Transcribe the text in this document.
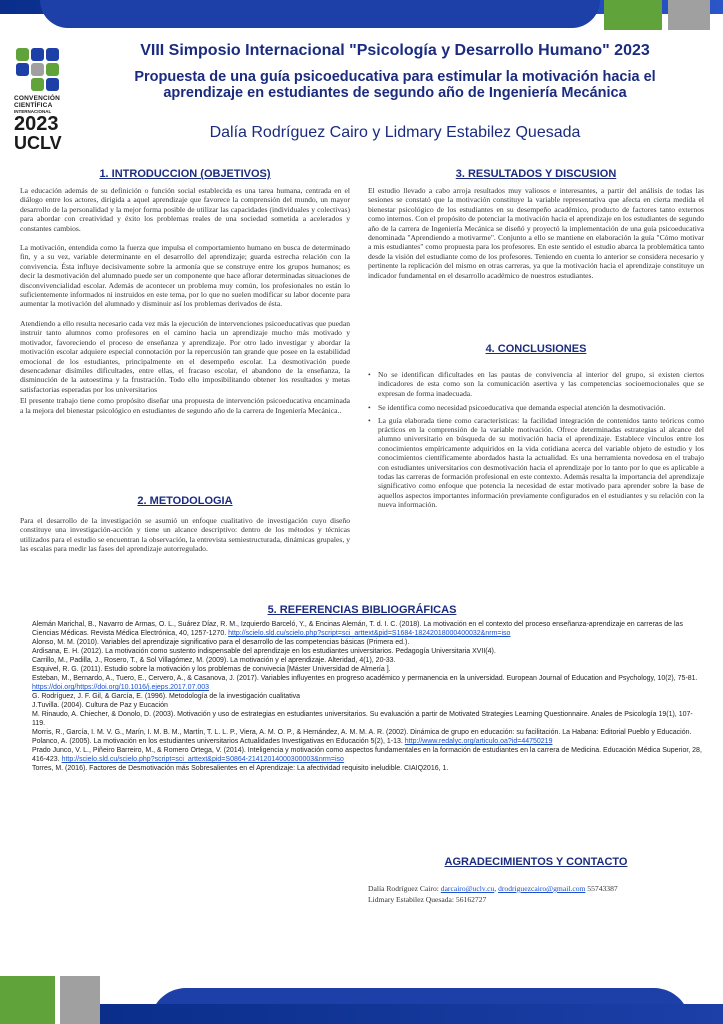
CONVENCIÓN
CIENTÍFICA
INTERNACIONAL
2023
UCLV
VIII Simposio Internacional "Psicología y Desarrollo Humano" 2023
Propuesta de una guía psicoeducativa para estimular la motivación hacia el
aprendizaje en estudiantes de segundo año de Ingeniería Mecánica
Dalía Rodríguez Cairo y Lidmary Estabilez Quesada
1. INTRODUCCION (OBJETIVOS)

La educación además de su definición o función social establecida es una tarea humana, centrada en el diálogo entre los actores, dirigida a aquel aprendizaje que favorece la comprensión del mundo, un mayor desarrollo de la personalidad y la mejor forma posible de utilizar las capacidades (individuales y colectivas) para abordar con creatividad y éxito los problemas reales de una sociedad sometida a acelerados y constantes cambios.

La motivación, entendida como la fuerza que impulsa el comportamiento humano en busca de determinado fin, y a su vez, variable determinante en el desarrollo del aprendizaje; guarda estrecha relación con la convivencia. Ésta influye decisivamente sobre la armonía que se construye entre los grupos humanos; es decir la desmotivación del alumnado puede ser un componente que hace aflorar determinadas situaciones de disconvivencialidad escolar. Además de acontecer un problema muy común, los profesionales no están lo suficientemente informados ni instruidos en este tema, por lo que no suelen modificar su labor docente para aumentar la motivación del alumnado y disminuir así los problemas derivados de ésta.

Atendiendo a ello resulta necesario cada vez más la ejecución de intervenciones psicoeducativas que puedan instruir tanto alumnos como profesores en el camino hacia un aprendizaje mucho más motivado y motivador, favoreciendo el proceso de enseñanza y aprendizaje. Por otro lado investigar y abordar la motivación escolar adquiere especial connotación por la repercusión tan grande que posee en la estabilidad emocional de los estudiantes, principalmente en el desempeño escolar. La desmotivación puede desencadenar disímiles dificultades, entre ellas, el fracaso escolar, el abandono de la enseñanza, la disminución de la autoestima y la frustración. Todo ello imposibilitando obtener los resultados y metas satisfactorias esperadas por los universitarios

El presente trabajo tiene como propósito diseñar una propuesta de intervención psicoeducativa encaminada a la mejora del bienestar psicológico en estudiantes de segundo año de la carrera de Ingeniería Mecánica..

2. METODOLOGIA

Para el desarrollo de la investigación se asumió un enfoque cualitativo de investigación cuyo diseño constituye una investigación-acción y tiene un alcance descriptivo: dentro de los métodos y técnicas utilizados para el estudio se encuentran la observación, la entrevista semiestructurada, dinámicas grupales, y las escalas para medir las fases del aprendizaje autorregulado.

3. RESULTADOS Y DISCUSION

El estudio llevado a cabo arroja resultados muy valiosos e interesantes, a partir del análisis de todas las sesiones se constató que la motivación constituye la variable representativa que afecta en cierta medida el bienestar psicológico de los estudiantes en su desempeño académico, producto de factores tanto externos como internos. Con el propósito de potenciar la motivación hacia el aprendizaje en los estudiantes de segundo año de la carrera de Ingeniería Mecánica se diseñó y proyectó la implementación de una guía psicoeducativa denominada "Aprendiendo a motivarme". Conjunto a ello se mantiene en elaboración la guía "Cómo motivar a mis estudiantes" como propuesta para los profesores. En este sentido el estudio abarca la problemática tanto desde la visión del estudiante como de los profesores. Teniendo en cuenta lo anterior se considera necesario y pertinente la replicación del mismo en otras carreras, ya que la motivación hacia el aprendizaje constituye un indicador fundamental en el desarrollo académico de nuestros estudiantes.

4. CONCLUSIONES
• No se identifican dificultades en las pautas de convivencia al interior del grupo, si existen ciertos indicadores de esta como son la comunicación asertiva y las competencias socioemocionales que se expresan de forma inadecuada.
• Se identifica como necesidad psicoeducativa que demanda especial atención la desmotivación.
• La guía elaborada tiene como características: la facilidad integración de contenidos tanto teóricos como prácticos en la comprensión de la variable motivación. Ofrece determinadas estrategias al alcance del alumno universitario en búsqueda de su motivación hacia el aprendizaje. Establece vínculos entre los conocimientos empíricamente adquiridos en la vida cotidiana acerca del variable objeto de estudio y los conocimientos científicamente abordados hasta la actualidad. Es una herramienta novedosa en el trabajo con estudiantes universitarios con desmotivación hacia el aprendizaje por lo tanto por lo que es aplicable a todas las carreras de formación profesional en este contexto. Además resalta la importancia del aprendizaje significativo como enfoque que potencia la necesidad de estar motivado para aprender sobre la base de aquellos aspectos importantes información previamente configurados en el estudiantes y su relación con la nueva información.
5. REFERENCIAS BIBLIOGRÁFICAS

Alemán Marichal, B., Navarro de Armas, O. L., Suárez Díaz, R. M., Izquierdo Barceló, Y., & Encinas Alemán, T. d. I. C. (2018). La motivación en el contexto del proceso enseñanza-aprendizaje en carreras de las Ciencias Médicas. Revista Médica Electrónica, 40, 1257-1270. http://scielo.sld.cu/scielo.php?script=sci_arttext&pid=S1684-18242018000400032&nrm=iso

Alonso, M. M. (2010). Variables del aprendizaje significativo para el desarrollo de las competencias básicas (Primera ed.).

Ardisana, E. H. (2012). La motivación como sustento indispensable del aprendizaje en los estudiantes universitarios. Pedagogía Universitaria XVII(4).

Carrillo, M., Padilla, J., Rosero, T., & Sol Villagómez, M. (2009). La motivación y el aprendizaje. Alteridad, 4(1), 20-33.

Esquivel, R. G. (2011). Estudio sobre la motivación y los problemas de convivecia [Máster Universidad de Almería ].

Esteban, M., Bernardo, A., Tuero, E., Cervero, A., & Casanova, J. (2017). Variables influyentes en progreso académico y permanencia en la universidad. European Journal of Education and Psychology, 10(2), 75-81. https://doi.org/https://doi.org/10.1016/j.ejeps.2017.07.003

G. Rodríguez, J. F. Gil, & García, E. (1996). Metodología de la investigación cualitativa

J.Tuvilla. (2004). Cultura de Paz y Eucación

M. Rinaudo, A. Chiecher, & Donolo, D. (2003). Motivación y uso de estrategias en estudiantes universitarios. Su evaluación a partir de Motivated Strategies Learning Questionnaire. Anales de Psicología 19(1), 107-119.

Morris, R., García, I. M. V. G., Marín, I. M. B. M., Martín, T. L. L. P., Viera, A. M. O. P., & Hernández, A. M. M. A. R. (2002). Dinámica de grupo en educación: su facilitación. La Habana: Editorial Pueblo y Educación.

Polanco, A. (2005). La motivación en los estudiantes universitarios Actualidades Investigativas en Educación 5(2), 1-13. http://www.redalyc.org/articulo.oa?id=44750219

Prado Junco, V. L., Piñeiro Barreiro, M., & Romero Ortega, V. (2014). Inteligencia y motivación como aspectos fundamentales en la formación de estudiantes en la carrera de Medicina. Educación Médica Superior, 28, 416-423. http://scielo.sld.cu/scielo.php?script=sci_arttext&pid=S0864-21412014000300003&nrm=iso

Torres, M. (2016). Factores de Desmotivación más Sobresalientes en el Aprendizaje: La afectividad requisito ineludible. CIAIQ2016, 1.

AGRADECIMIENTOS Y CONTACTO
Dalía Rodríguez Cairo: darcairo@uclv.cu, drodriguezcairo@gmail.com 55743387
Lidmary Estabilez Quesada: 56162727
